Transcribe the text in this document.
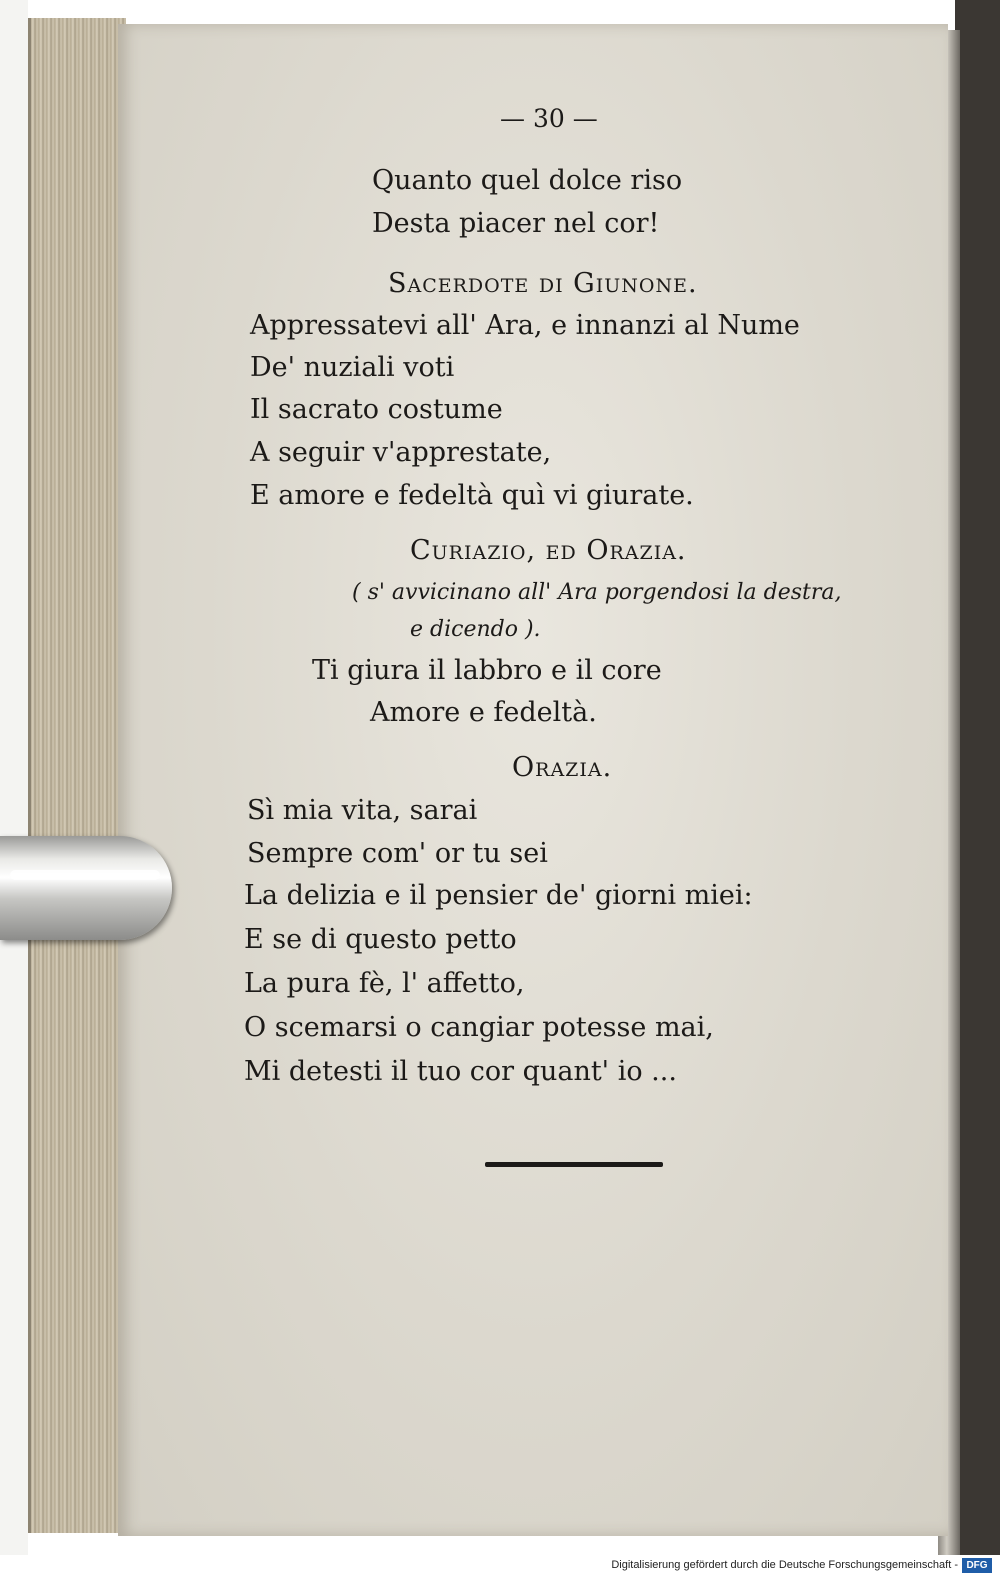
— 30 —
Quanto quel dolce riso
Desta piacer nel cor!
Sacerdote di Giunone.
Appressatevi all' Ara, e innanzi al Nume
De' nuziali voti
Il sacrato costume
A seguir v'apprestate,
E amore e fedeltà quì vi giurate.
Curiazio, ed Orazia.
( s' avvicinano all' Ara porgendosi la destra,
e dicendo ).
Ti giura il labbro e il core
Amore e fedeltà.
Orazia.
Sì mia vita, sarai
Sempre com' or tu sei
La delizia e il pensier de' giorni miei:
E se di questo petto
La pura fè, l' affetto,
O scemarsi o cangiar potesse mai,
Mi detesti il tuo cor quant' io ...
Digitalisierung gefördert durch die Deutsche Forschungsgemeinschaft - DFG
